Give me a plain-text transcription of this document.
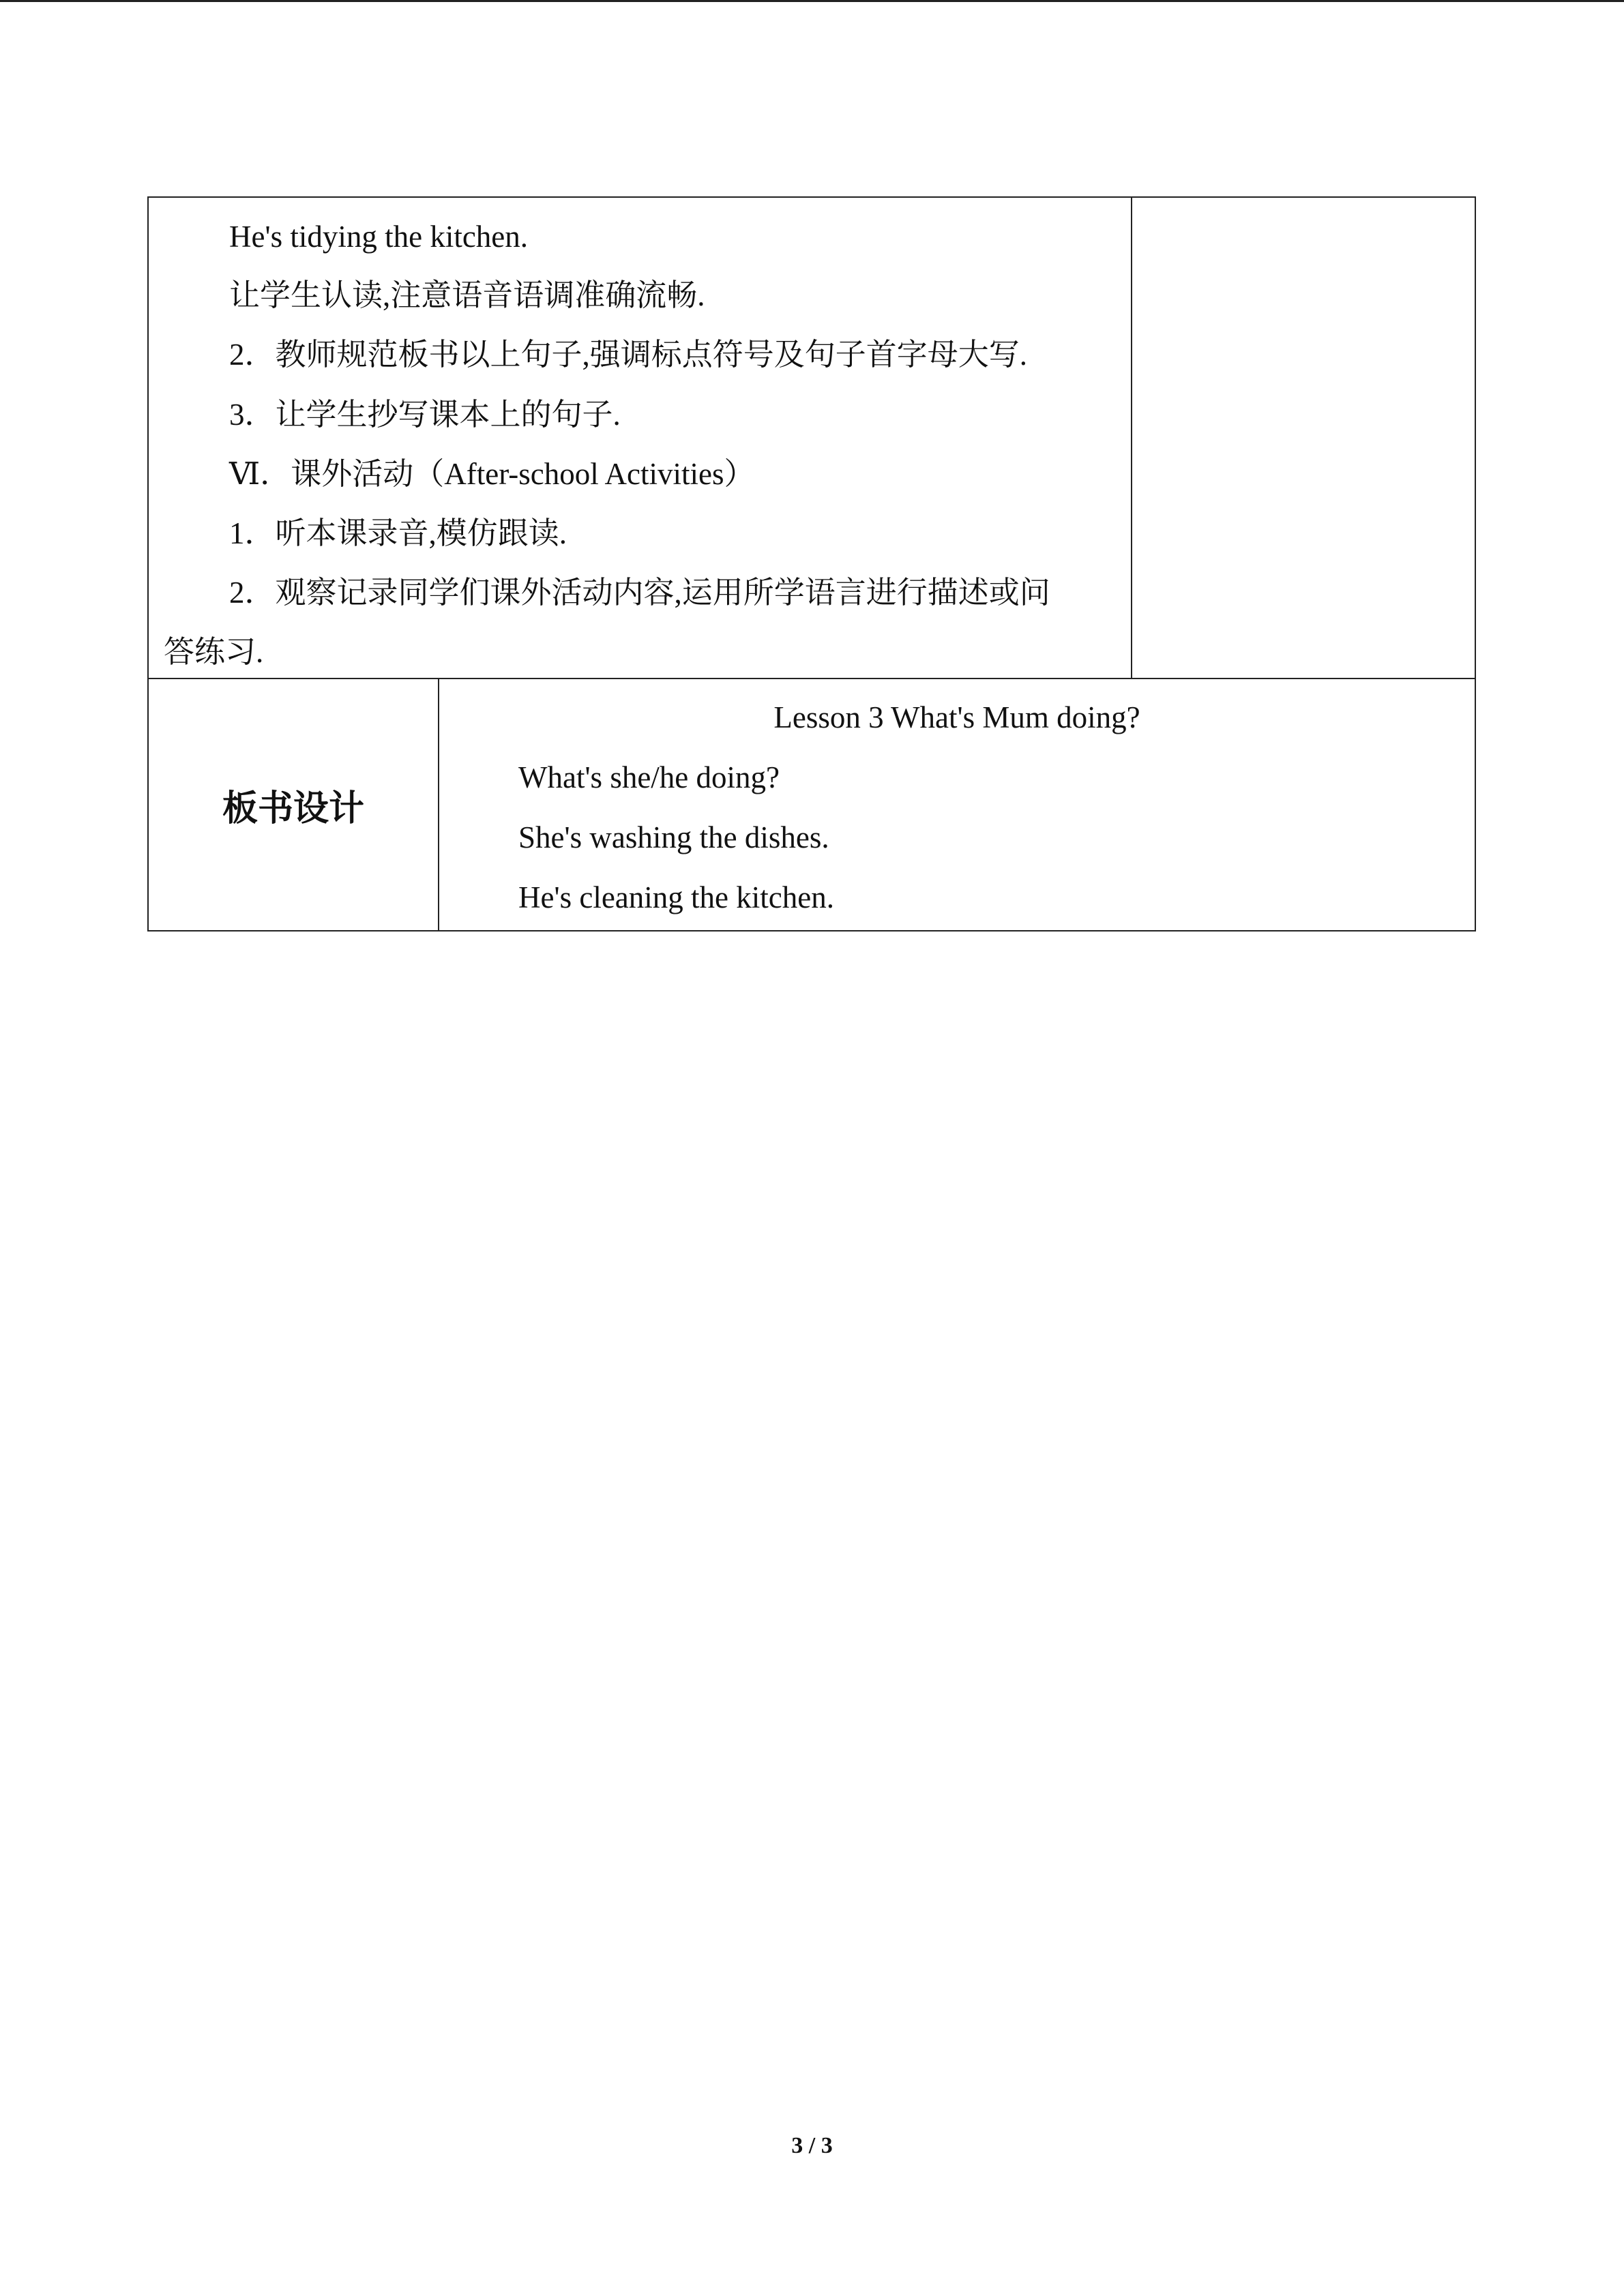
He's tidying the kitchen.
让学生认读,注意语音语调准确流畅.
2．教师规范板书以上句子,强调标点符号及句子首字母大写.
3．让学生抄写课本上的句子.
Ⅵ．课外活动（After-school Activities）
1．听本课录音,模仿跟读.
2．观察记录同学们课外活动内容,运用所学语言进行描述或问
答练习.
板书设计
Lesson 3 What's Mum doing?
What's she/he doing?
She's washing the dishes.
He's cleaning the kitchen.
3 / 3
